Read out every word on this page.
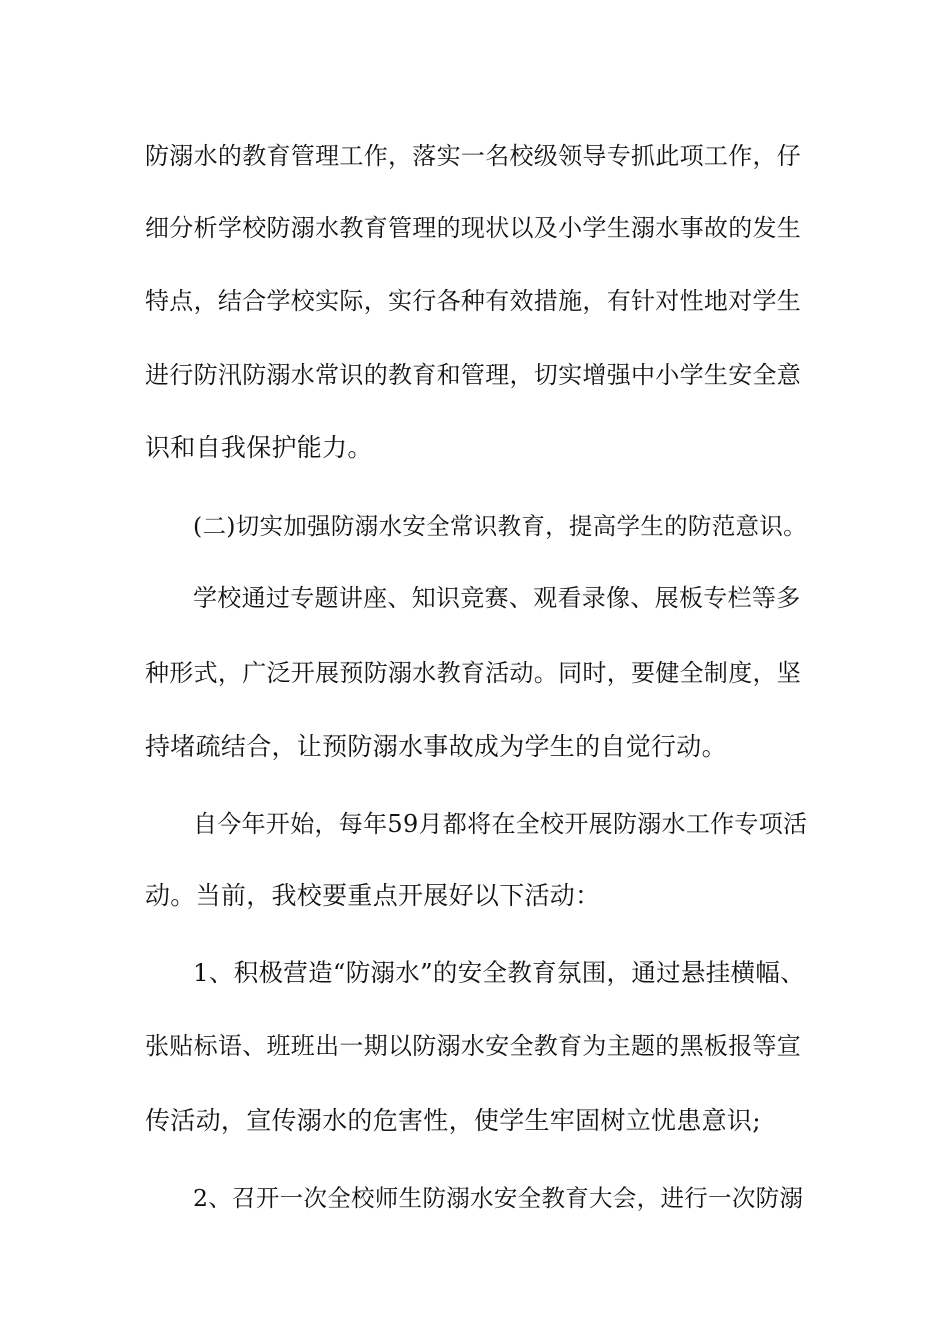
防溺水的教育管理工作，落实一名校级领导专抓此项工作，仔
细分析学校防溺水教育管理的现状以及小学生溺水事故的发生
特点，结合学校实际，实行各种有效措施，有针对性地对学生
进行防汛防溺水常识的教育和管理，切实增强中小学生安全意
识和自我保护能力。
(二)切实加强防溺水安全常识教育，提高学生的防范意识。
学校通过专题讲座、知识竞赛、观看录像、展板专栏等多
种形式，广泛开展预防溺水教育活动。同时，要健全制度，坚
持堵疏结合，让预防溺水事故成为学生的自觉行动。
自今年开始，每年59月都将在全校开展防溺水工作专项活
动。当前，我校要重点开展好以下活动：
1、积极营造“防溺水”的安全教育氛围，通过悬挂横幅、
张贴标语、班班出一期以防溺水安全教育为主题的黑板报等宣
传活动，宣传溺水的危害性，使学生牢固树立忧患意识;
2、召开一次全校师生防溺水安全教育大会，进行一次防溺
